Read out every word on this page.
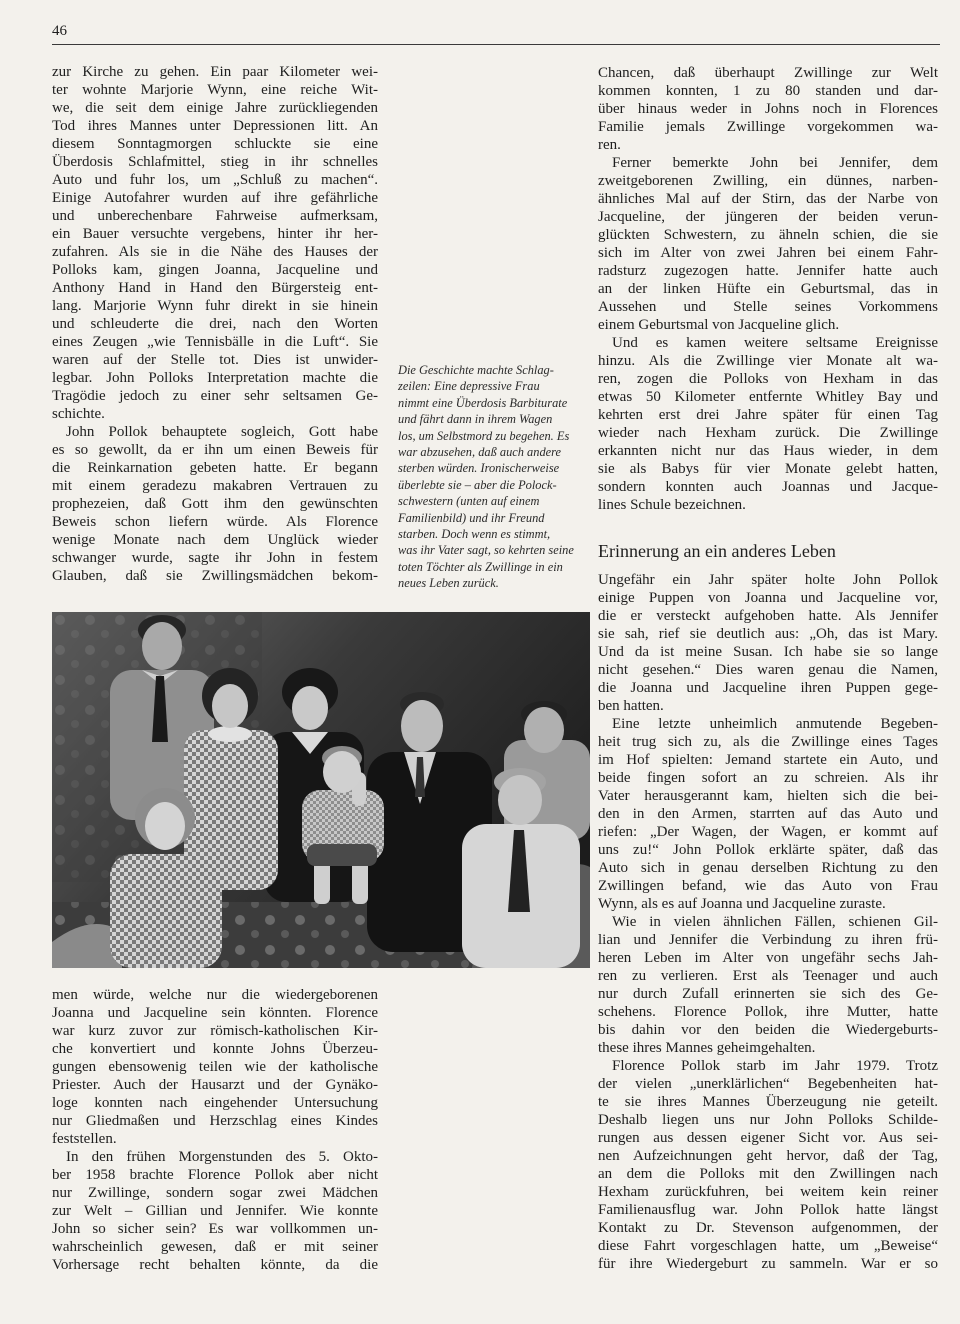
46
zur Kirche zu gehen. Ein paar Kilometer wei-
ter wohnte Marjorie Wynn, eine reiche Wit-
we, die seit dem einige Jahre zurückliegenden
Tod ihres Mannes unter Depressionen litt. An
diesem Sonntagmorgen schluckte sie eine
Überdosis Schlafmittel, stieg in ihr schnelles
Auto und fuhr los, um „Schluß zu machen“.
Einige Autofahrer wurden auf ihre gefährliche
und unberechenbare Fahrweise aufmerksam,
ein Bauer versuchte vergebens, hinter ihr her-
zufahren. Als sie in die Nähe des Hauses der
Polloks kam, gingen Joanna, Jacqueline und
Anthony Hand in Hand den Bürgersteig ent-
lang. Marjorie Wynn fuhr direkt in sie hinein
und schleuderte die drei, nach den Worten
eines Zeugen „wie Tennisbälle in die Luft“. Sie
waren auf der Stelle tot. Dies ist unwider-
legbar. John Polloks Interpretation machte die
Tragödie jedoch zu einer sehr seltsamen Ge-
schichte.
John Pollok behauptete sogleich, Gott habe
es so gewollt, da er ihn um einen Beweis für
die Reinkarnation gebeten hatte. Er begann
mit einem geradezu makabren Vertrauen zu
prophezeien, daß Gott ihm den gewünschten
Beweis schon liefern würde. Als Florence
wenige Monate nach dem Unglück wieder
schwanger wurde, sagte ihr John in festem
Glauben, daß sie Zwillingsmädchen bekom-
Die Geschichte machte Schlag-
zeilen: Eine depressive Frau
nimmt eine Überdosis Barbiturate
und fährt dann in ihrem Wagen
los, um Selbstmord zu begehen. Es
war abzusehen, daß auch andere
sterben würden. Ironischerweise
überlebte sie – aber die Polock-
schwestern (unten auf einem
Familienbild) und ihr Freund
starben. Doch wenn es stimmt,
was ihr Vater sagt, so kehrten seine
toten Töchter als Zwillinge in ein
neues Leben zurück.
men würde, welche nur die wiedergeborenen
Joanna und Jacqueline sein könnten. Florence
war kurz zuvor zur römisch-katholischen Kir-
che konvertiert und konnte Johns Überzeu-
gungen ebensowenig teilen wie der katholische
Priester. Auch der Hausarzt und der Gynäko-
loge konnten nach eingehender Untersuchung
nur Gliedmaßen und Herzschlag eines Kindes
feststellen.
In den frühen Morgenstunden des 5. Okto-
ber 1958 brachte Florence Pollok aber nicht
nur Zwillinge, sondern sogar zwei Mädchen
zur Welt – Gillian und Jennifer. Wie konnte
John so sicher sein? Es war vollkommen un-
wahrscheinlich gewesen, daß er mit seiner
Vorhersage recht behalten könnte, da die
Chancen, daß überhaupt Zwillinge zur Welt
kommen konnten, 1 zu 80 standen und dar-
über hinaus weder in Johns noch in Florences
Familie jemals Zwillinge vorgekommen wa-
ren.
Ferner bemerkte John bei Jennifer, dem
zweitgeborenen Zwilling, ein dünnes, narben-
ähnliches Mal auf der Stirn, das der Narbe von
Jacqueline, der jüngeren der beiden verun-
glückten Schwestern, zu ähneln schien, die sie
sich im Alter von zwei Jahren bei einem Fahr-
radsturz zugezogen hatte. Jennifer hatte auch
an der linken Hüfte ein Geburtsmal, das in
Aussehen und Stelle seines Vorkommens
einem Geburtsmal von Jacqueline glich.
Und es kamen weitere seltsame Ereignisse
hinzu. Als die Zwillinge vier Monate alt wa-
ren, zogen die Polloks von Hexham in das
etwas 50 Kilometer entfernte Whitley Bay und
kehrten erst drei Jahre später für einen Tag
wieder nach Hexham zurück. Die Zwillinge
erkannten nicht nur das Haus wieder, in dem
sie als Babys für vier Monate gelebt hatten,
sondern konnten auch Joannas und Jacque-
lines Schule bezeichnen.
Erinnerung an ein anderes Leben
Ungefähr ein Jahr später holte John Pollok
einige Puppen von Joanna und Jacqueline vor,
die er versteckt aufgehoben hatte. Als Jennifer
sie sah, rief sie deutlich aus: „Oh, das ist Mary.
Und da ist meine Susan. Ich habe sie so lange
nicht gesehen.“ Dies waren genau die Namen,
die Joanna und Jacqueline ihren Puppen gege-
ben hatten.
Eine letzte unheimlich anmutende Begeben-
heit trug sich zu, als die Zwillinge eines Tages
im Hof spielten: Jemand startete ein Auto, und
beide fingen sofort an zu schreien. Als ihr
Vater herausgerannt kam, hielten sich die bei-
den in den Armen, starrten auf das Auto und
riefen: „Der Wagen, der Wagen, er kommt auf
uns zu!“ John Pollok erklärte später, daß das
Auto sich in genau derselben Richtung zu den
Zwillingen befand, wie das Auto von Frau
Wynn, als es auf Joanna und Jacqueline zuraste.
Wie in vielen ähnlichen Fällen, schienen Gil-
lian und Jennifer die Verbindung zu ihren frü-
heren Leben im Alter von ungefähr sechs Jah-
ren zu verlieren. Erst als Teenager und auch
nur durch Zufall erinnerten sie sich des Ge-
schehens. Florence Pollok, ihre Mutter, hatte
bis dahin vor den beiden die Wiedergeburts-
these ihres Mannes geheimgehalten.
Florence Pollok starb im Jahr 1979. Trotz
der vielen „unerklärlichen“ Begebenheiten hat-
te sie ihres Mannes Überzeugung nie geteilt.
Deshalb liegen uns nur John Polloks Schilde-
rungen aus dessen eigener Sicht vor. Aus sei-
nen Aufzeichnungen geht hervor, daß der Tag,
an dem die Polloks mit den Zwillingen nach
Hexham zurückfuhren, bei weitem kein reiner
Familienausflug war. John Pollok hatte längst
Kontakt zu Dr. Stevenson aufgenommen, der
diese Fahrt vorgeschlagen hatte, um „Beweise“
für ihre Wiedergeburt zu sammeln. War er so
